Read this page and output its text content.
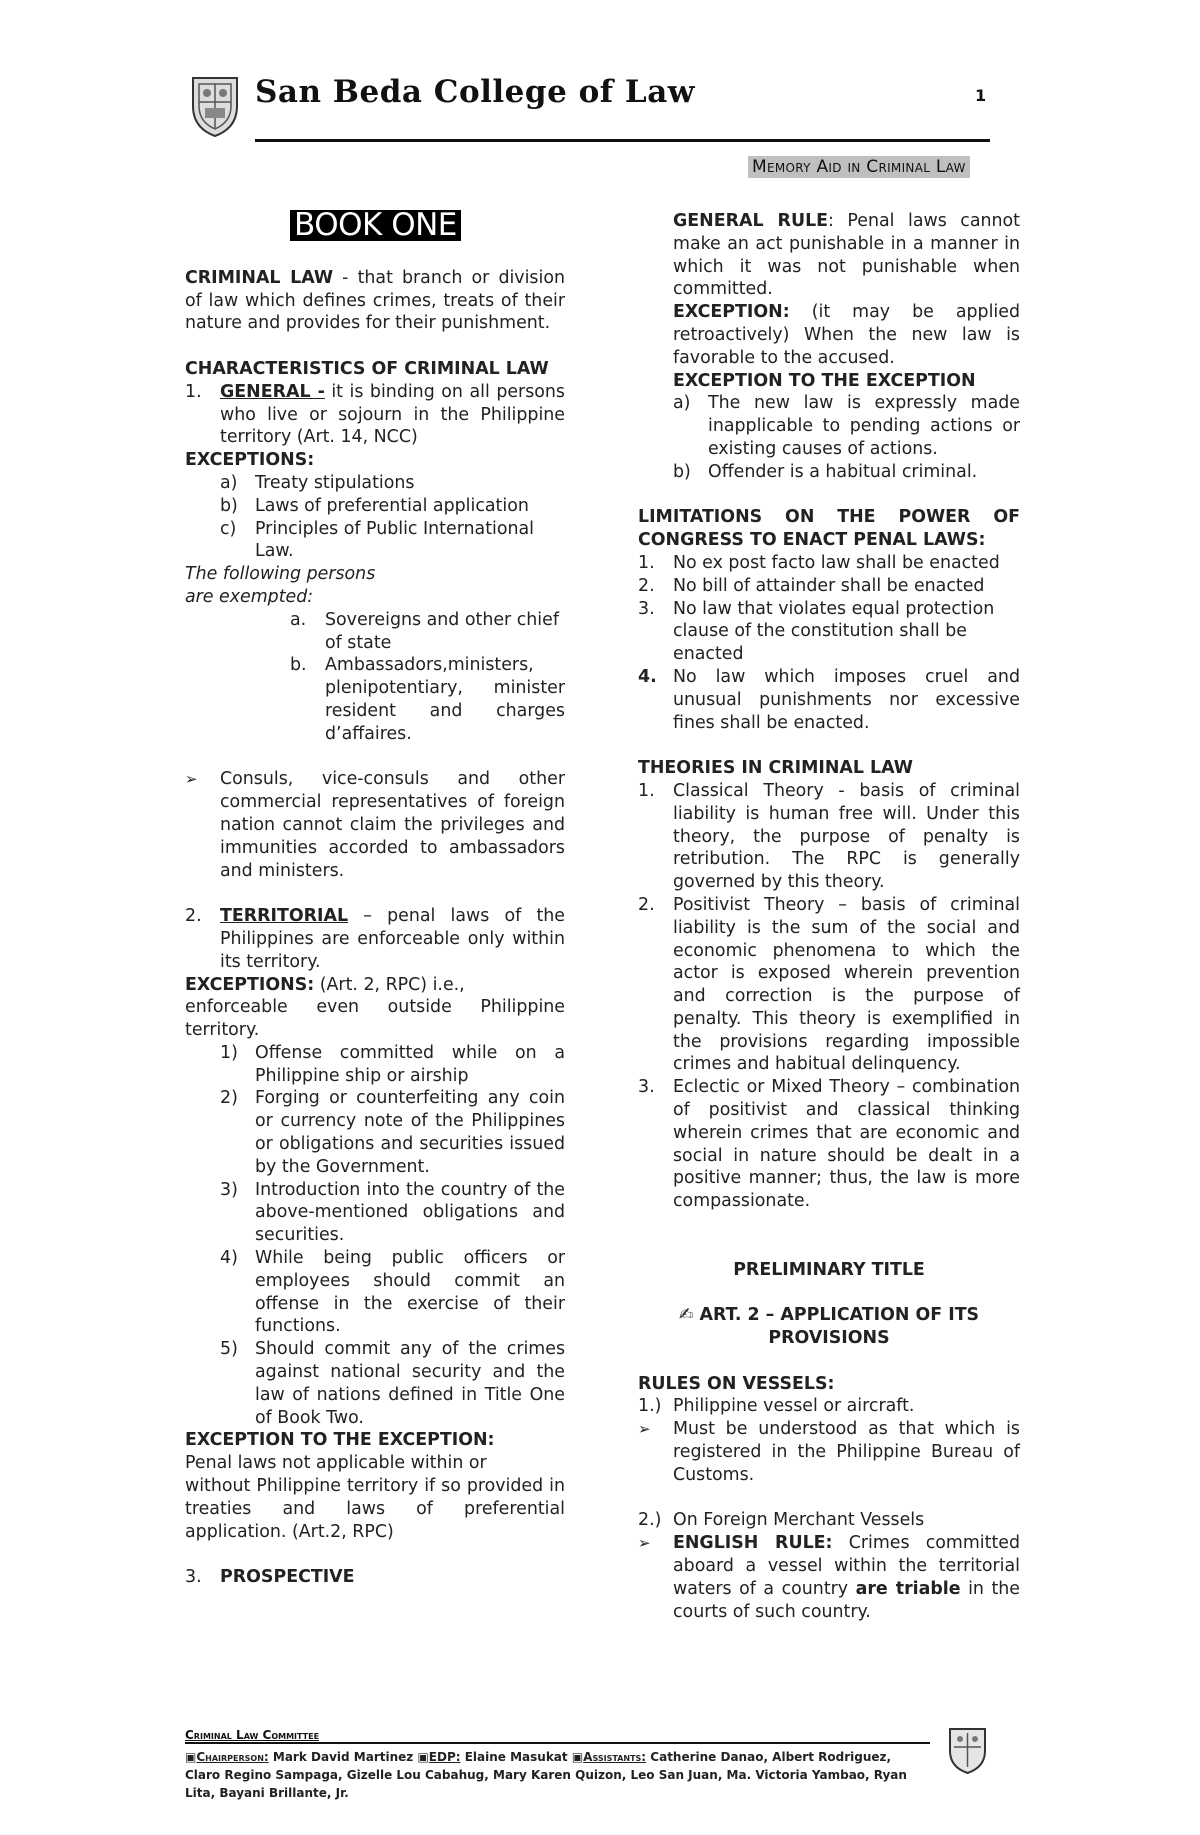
San Beda College of Law	1
Memory Aid in Criminal Law
BOOK ONE

CRIMINAL LAW - that branch or division of law which defines crimes, treats of their nature and provides for their punishment.

CHARACTERISTICS OF CRIMINAL LAW

1.	GENERAL - it is binding on all persons who live or sojourn in the Philippine territory (Art. 14, NCC)

EXCEPTIONS:

a)	Treaty stipulations
b) Laws of preferential application
c)	Principles of Public International Law.

The following persons are exempted:

a.	Sovereigns and other chief of state
b.	Ambassadors,ministers, plenipotentiary, minister resident and charges d’affaires.
➢	Consuls, vice-consuls and other commercial representatives of foreign nation cannot claim the privileges and immunities accorded to ambassadors and ministers.
2.	TERRITORIAL – penal laws of the Philippines are enforceable only within its territory.

EXCEPTIONS: (Art. 2, RPC) i.e.,

enforceable even outside Philippine territory.

1) Offense committed while on a Philippine ship or airship
2) Forging or counterfeiting any coin or currency note of the Philippines or obligations and securities issued by the Government.
3) Introduction into the country of the above-mentioned obligations and securities.
4) While being public officers or employees should commit an offense in the exercise of their functions.
5) Should commit any of the crimes against national security and the law of nations defined in Title One of Book Two.

EXCEPTION TO THE EXCEPTION:

Penal laws not applicable within or

without Philippine territory if so provided in treaties and laws of preferential application. (Art.2, RPC)

3.	PROSPECTIVE

GENERAL RULE: Penal laws cannot make an act punishable in a manner in which it was not punishable when committed.

EXCEPTION: (it may be applied retroactively) When the new law is favorable to the accused.

EXCEPTION TO THE EXCEPTION

a)	The new law is expressly made inapplicable to pending actions or existing causes of actions.
b) Offender is a habitual criminal.

LIMITATIONS ON THE POWER OF CONGRESS TO ENACT PENAL LAWS:

1.	No ex post facto law shall be enacted
2.	No bill of attainder shall be enacted
3.	No law that violates equal protection clause of the constitution shall be enacted
4. No law which imposes cruel and unusual punishments nor excessive fines shall be enacted.

THEORIES IN CRIMINAL LAW

1.	Classical Theory - basis of criminal liability is human free will. Under this theory, the purpose of penalty is retribution. The RPC is generally governed by this theory.
2.	Positivist Theory – basis of criminal liability is the sum of the social and economic phenomena to which the actor is exposed wherein prevention and correction is the purpose of penalty. This theory is exemplified in the provisions regarding impossible crimes and habitual delinquency.
3.	Eclectic or Mixed Theory – combination of positivist and classical thinking wherein crimes that are economic and social in nature should be dealt in a positive manner; thus, the law is more compassionate.

PRELIMINARY TITLE

✍ ART. 2 – APPLICATION OF ITS PROVISIONS

RULES ON VESSELS:

1.) Philippine vessel or aircraft.
➢	Must be understood as that which is registered in the Philippine Bureau of Customs.
2.) On Foreign Merchant Vessels
➢	ENGLISH RULE: Crimes committed aboard a vessel within the territorial waters of a country are triable in the courts of such country.
Criminal Law Committee
▣Chairperson: Mark David Martinez ▣EDP: Elaine Masukat ▣Assistants: Catherine Danao, Albert Rodriguez, Claro Regino Sampaga, Gizelle Lou Cabahug, Mary Karen Quizon, Leo San Juan, Ma. Victoria Yambao, Ryan Lita, Bayani Brillante, Jr.
